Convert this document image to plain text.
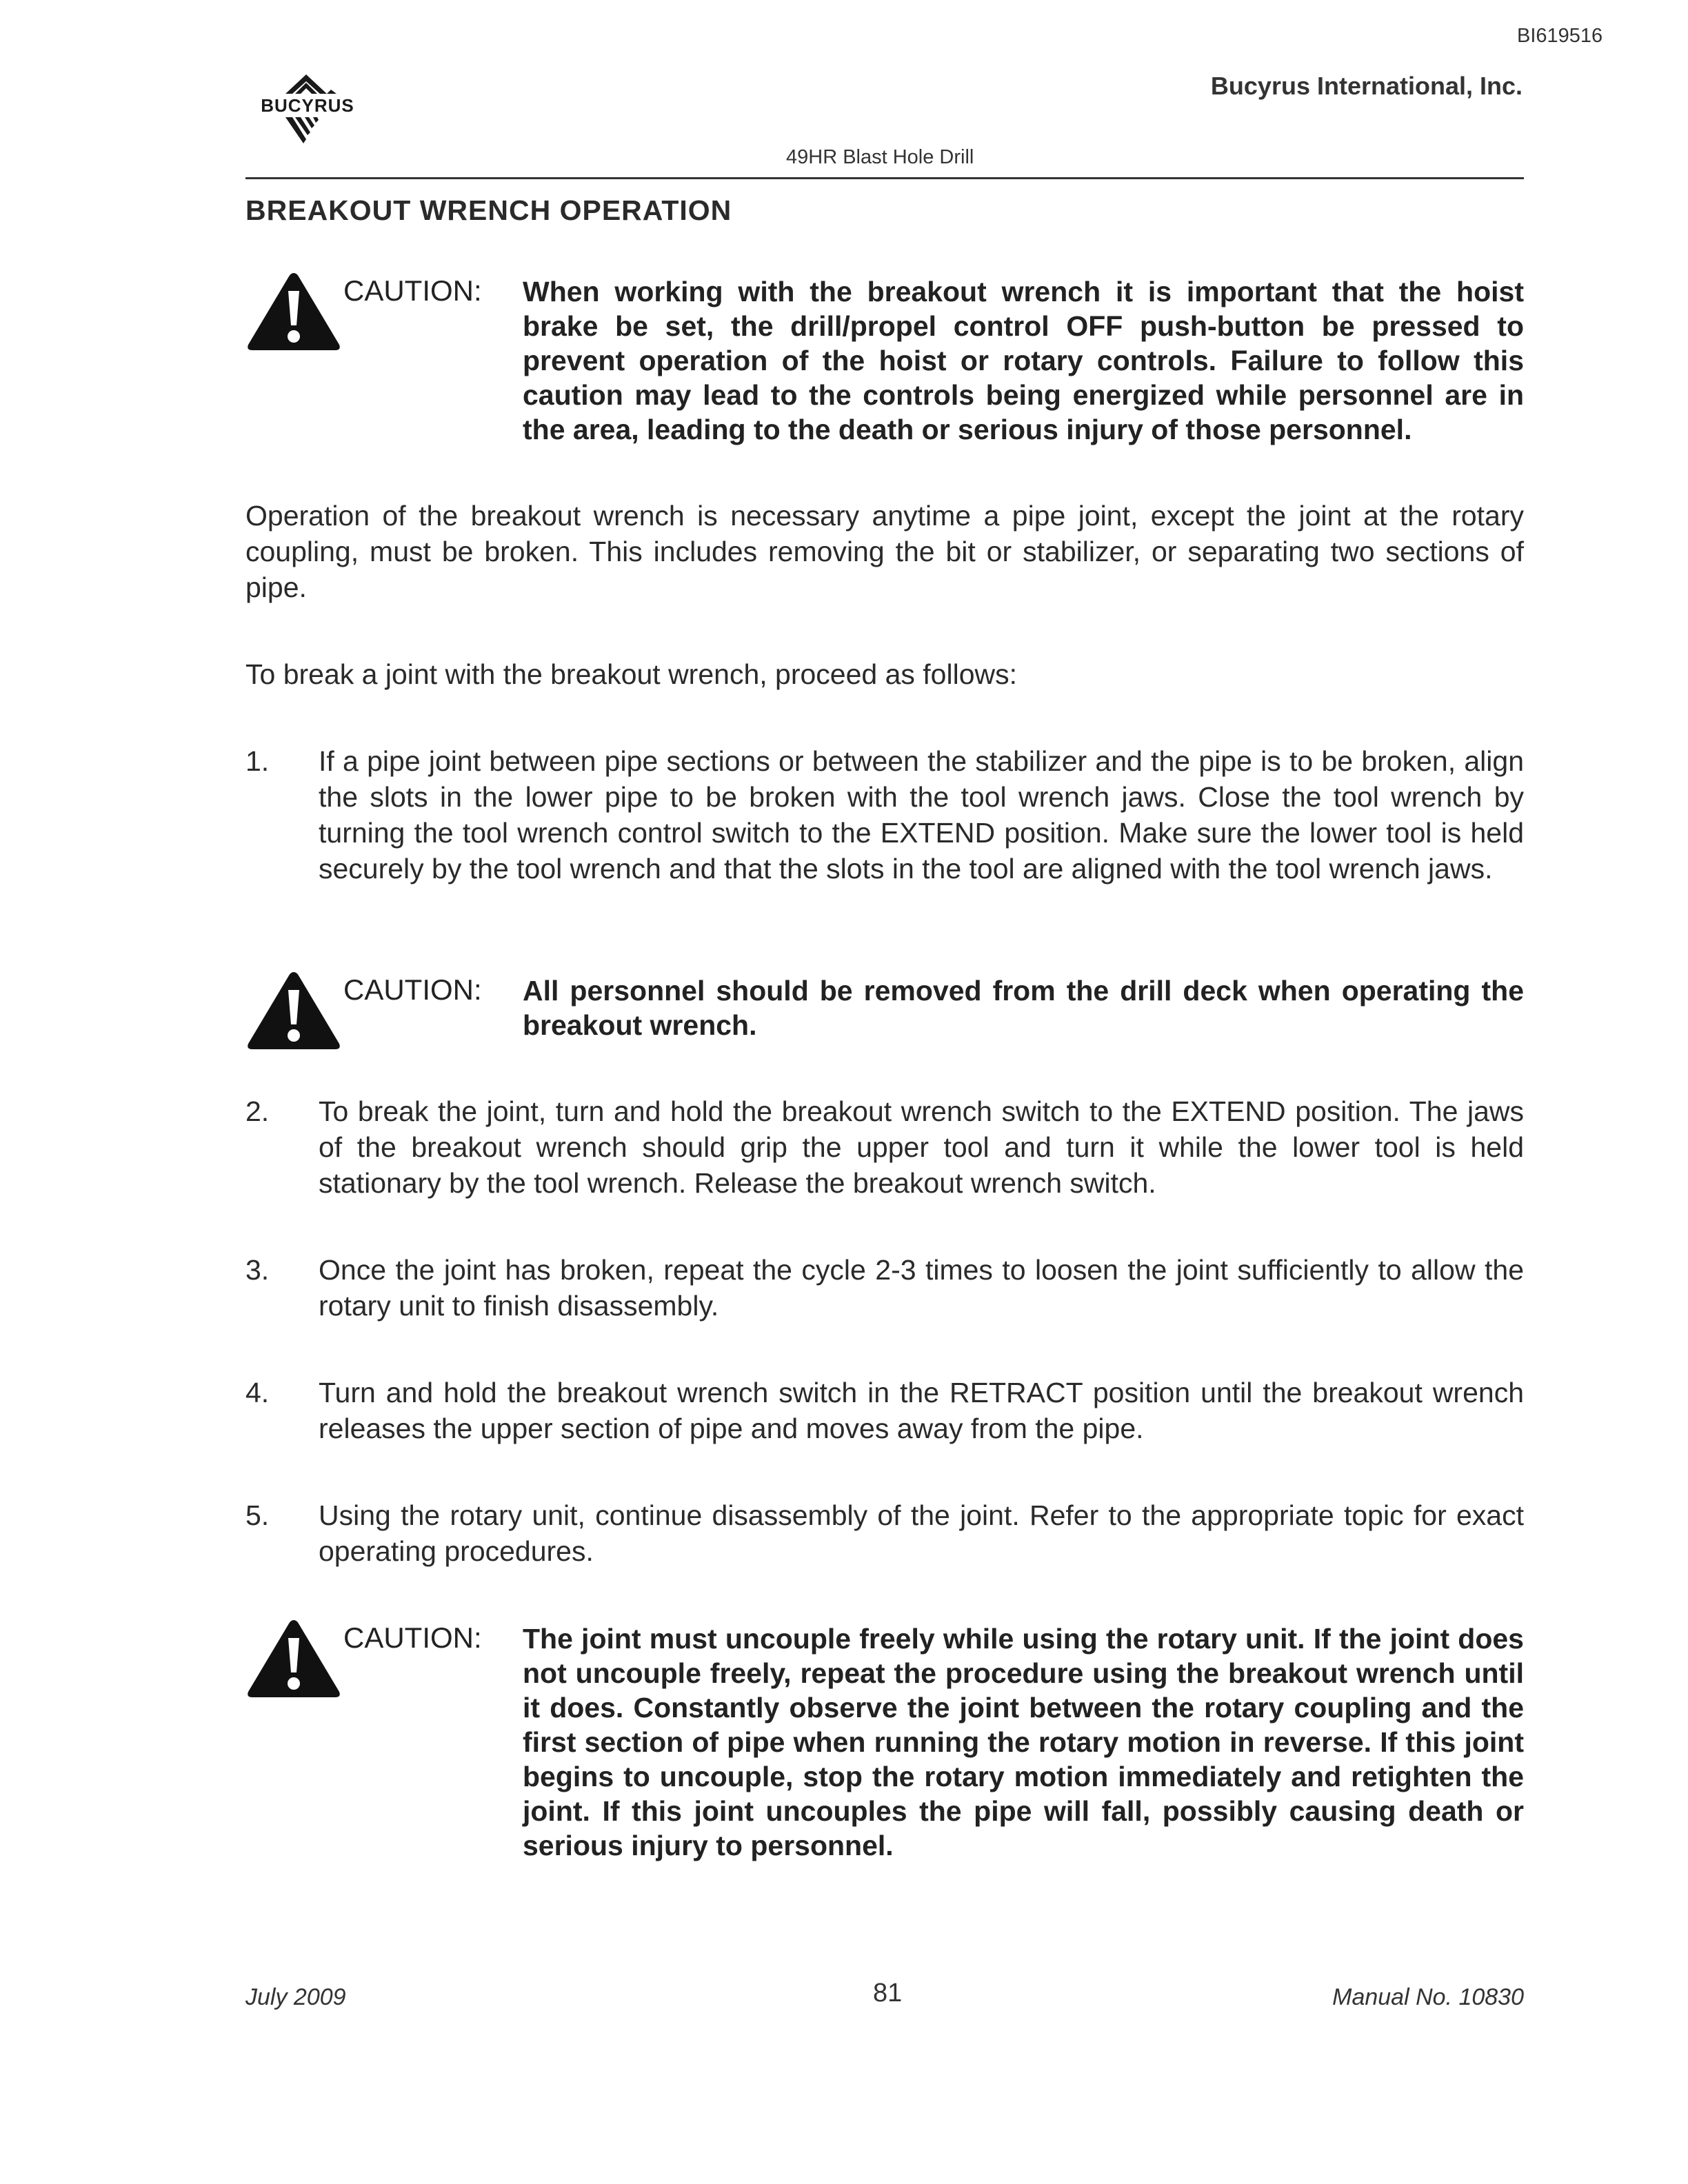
BI619516
BUCYRUS
Bucyrus International, Inc.
49HR Blast Hole Drill
BREAKOUT WRENCH OPERATION
CAUTION: When working with the breakout wrench it is important that the hoist brake be set, the drill/propel control OFF push-button be pressed to prevent operation of the hoist or rotary controls. Failure to follow this caution may lead to the controls being energized while personnel are in the area, leading to the death or serious injury of those personnel.
Operation of the breakout wrench is necessary anytime a pipe joint, except the joint at the rotary coupling, must be broken. This includes removing the bit or stabilizer, or separating two sections of pipe.
To break a joint with the breakout wrench, proceed as follows:
1. If a pipe joint between pipe sections or between the stabilizer and the pipe is to be broken, align the slots in the lower pipe to be broken with the tool wrench jaws. Close the tool wrench by turning the tool wrench control switch to the EXTEND position. Make sure the lower tool is held securely by the tool wrench and that the slots in the tool are aligned with the tool wrench jaws.
CAUTION: All personnel should be removed from the drill deck when operating the breakout wrench.
2. To break the joint, turn and hold the breakout wrench switch to the EXTEND position. The jaws of the breakout wrench should grip the upper tool and turn it while the lower tool is held stationary by the tool wrench. Release the breakout wrench switch.
3. Once the joint has broken, repeat the cycle 2-3 times to loosen the joint sufficiently to allow the rotary unit to finish disassembly.
4. Turn and hold the breakout wrench switch in the RETRACT position until the breakout wrench releases the upper section of pipe and moves away from the pipe.
5. Using the rotary unit, continue disassembly of the joint. Refer to the appropriate topic for exact operating procedures.
CAUTION: The joint must uncouple freely while using the rotary unit. If the joint does not uncouple freely, repeat the procedure using the breakout wrench until it does. Constantly observe the joint between the rotary coupling and the first section of pipe when running the rotary motion in reverse. If this joint begins to uncouple, stop the rotary motion immediately and retighten the joint. If this joint uncouples the pipe will fall, possibly causing death or serious injury to personnel.
July 2009	81	Manual No. 10830
